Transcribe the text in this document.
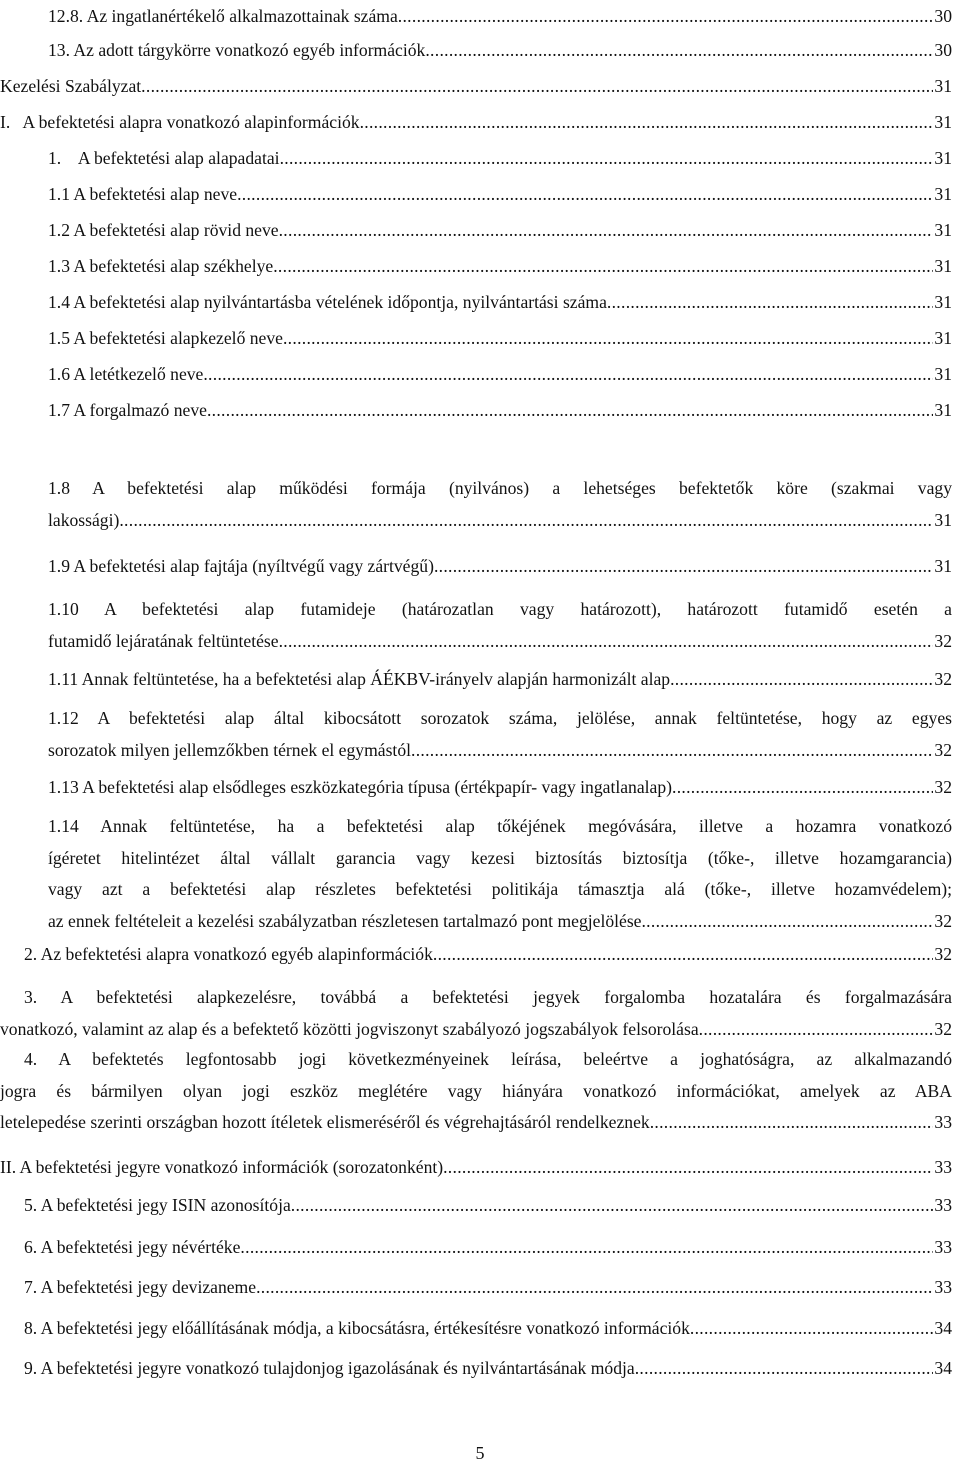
12.8. Az ingatlanértékelő alkalmazottainak száma .....	30
13. Az adott tárgykörre vonatkozó egyéb információk .....	30
Kezelési Szabályzat .....	31
I.   A befektetési alapra vonatkozó alapinformációk .....	31
1.    A befektetési alap alapadatai .....	31
1.1 A befektetési alap neve .....	31
1.2 A befektetési alap rövid neve .....	31
1.3 A befektetési alap székhelye .....	31
1.4 A befektetési alap nyilvántartásba vételének időpontja, nyilvántartási száma .....	31
1.5 A befektetési alapkezelő neve .....	31
1.6 A letétkezelő neve .....	31
1.7 A forgalmazó neve .....	31
1.8 A befektetési alap működési formája (nyilvános) a lehetséges befektetők köre (szakmai vagy
lakossági) .....	31
1.9 A befektetési alap fajtája (nyíltvégű vagy zártvégű) .....	31
1.10 A befektetési alap futamideje (határozatlan vagy határozott), határozott futamidő esetén a
futamidő lejáratának feltüntetése .....	32
1.11 Annak feltüntetése, ha a befektetési alap ÁÉKBV-irányelv alapján harmonizált alap .....	32
1.12 A befektetési alap által kibocsátott sorozatok száma, jelölése, annak feltüntetése, hogy az egyes
sorozatok milyen jellemzőkben térnek el egymástól .....	32
1.13 A befektetési alap elsődleges eszközkategória típusa (értékpapír- vagy ingatlanalap) .....	32
1.14 Annak feltüntetése, ha a befektetési alap tőkéjének megóvására, illetve a hozamra vonatkozó
ígéretet hitelintézet által vállalt garancia vagy kezesi biztosítás biztosítja (tőke-, illetve hozamgarancia)
vagy azt a befektetési alap részletes befektetési politikája támasztja alá (tőke-, illetve hozamvédelem);
az ennek feltételeit a kezelési szabályzatban részletesen tartalmazó pont megjelölése .....	32
2. Az befektetési alapra vonatkozó egyéb alapinformációk .....	32
3. A befektetési alapkezelésre, továbbá a befektetési jegyek forgalomba hozatalára és forgalmazására
vonatkozó, valamint az alap és a befektető közötti jogviszonyt szabályozó jogszabályok felsorolása .....	32
4. A befektetés legfontosabb jogi következményeinek leírása, beleértve a joghatóságra, az alkalmazandó
jogra és bármilyen olyan jogi eszköz meglétére vagy hiányára vonatkozó információkat, amelyek az ABA
letelepedése szerinti országban hozott ítéletek elismeréséről és végrehajtásáról rendelkeznek .....	33
II. A befektetési jegyre vonatkozó információk (sorozatonként) .....	33
5. A befektetési jegy ISIN azonosítója .....	33
6. A befektetési jegy névértéke .....	33
7. A befektetési jegy devizaneme .....	33
8. A befektetési jegy előállításának módja, a kibocsátásra, értékesítésre vonatkozó információk .....	34
9. A befektetési jegyre vonatkozó tulajdonjog igazolásának és nyilvántartásának módja .....	34
5
